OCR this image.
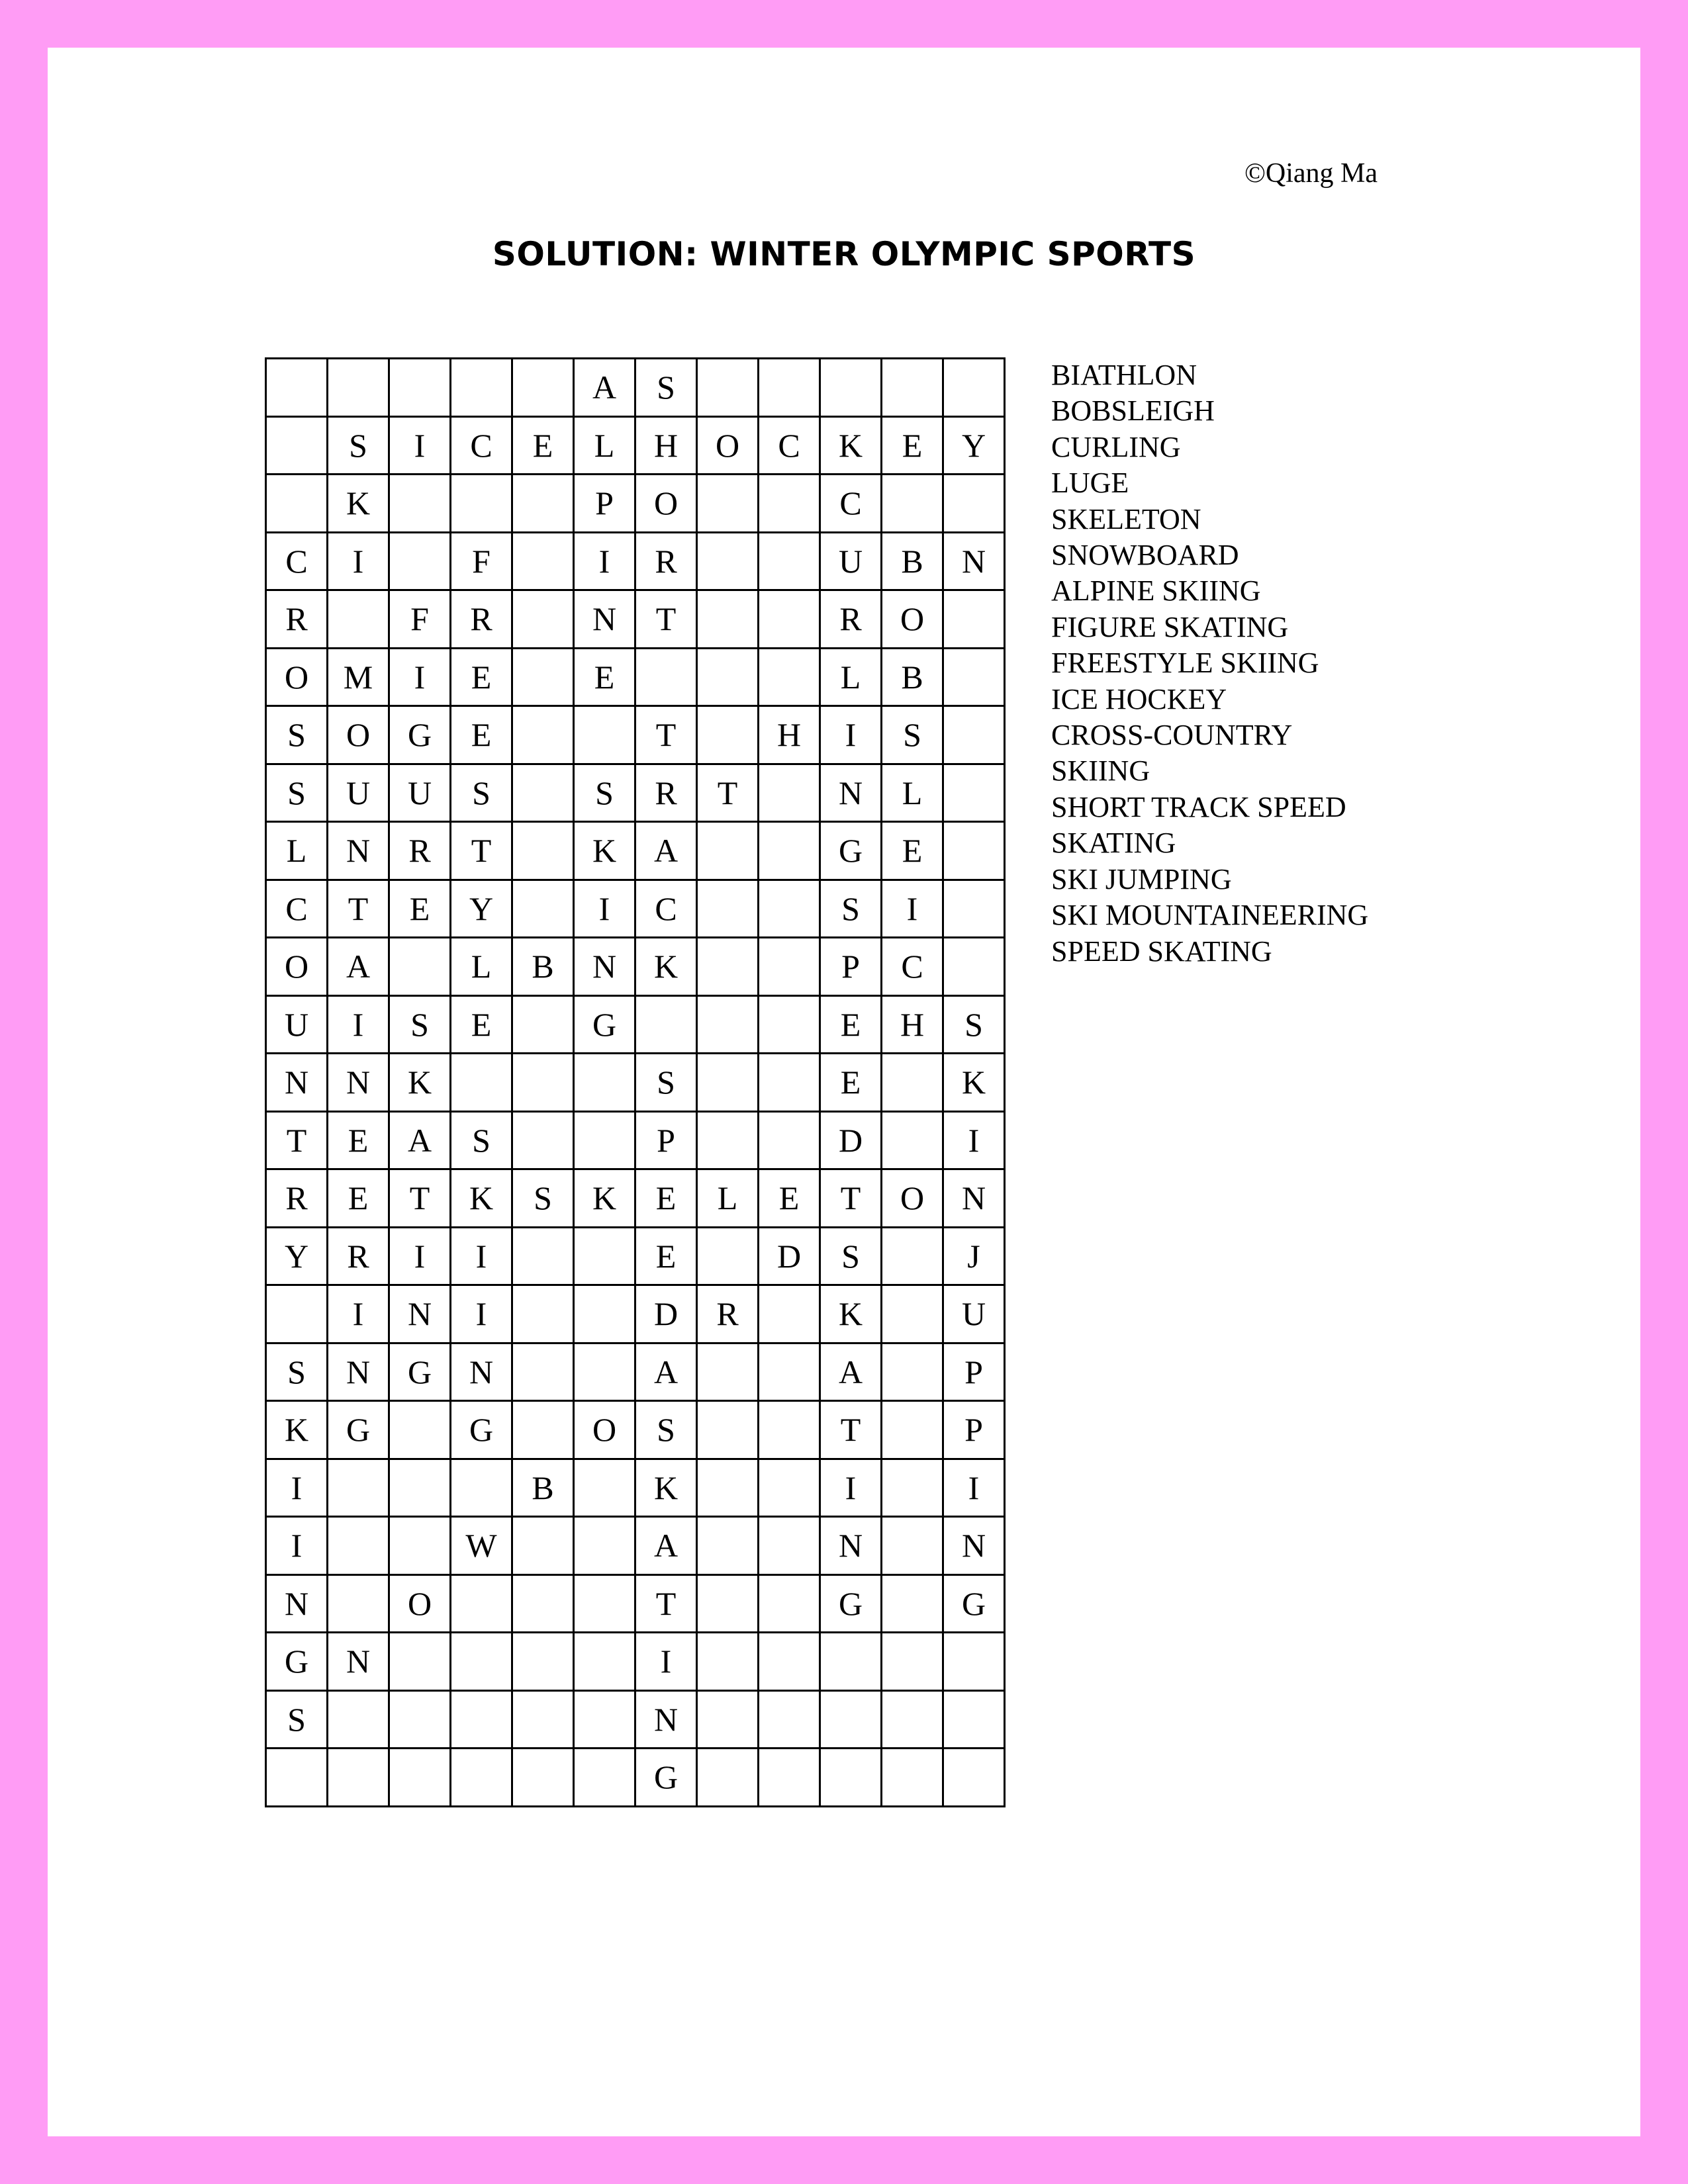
©Qiang Ma
SOLUTION: WINTER OLYMPIC SPORTS
					A	S					
	S	I	C	E	L	H	O	C	K	E	Y
	K				P	O			C		
C	I		F		I	R			U	B	N
R		F	R		N	T			R	O	
O	M	I	E		E				L	B	
S	O	G	E			T		H	I	S	
S	U	U	S		S	R	T		N	L	
L	N	R	T		K	A			G	E	
C	T	E	Y		I	C			S	I	
O	A		L	B	N	K			P	C	
U	I	S	E		G				E	H	S
N	N	K				S			E		K
T	E	A	S			P			D		I
R	E	T	K	S	K	E	L	E	T	O	N
Y	R	I	I			E		D	S		J
	I	N	I			D	R		K		U
S	N	G	N			A			A		P
K	G		G		O	S			T		P
I				B		K			I		I
I			W			A			N		N
N		O				T			G		G
G	N					I					
S						N					
						G					
BIATHLON
BOBSLEIGH
CURLING
LUGE
SKELETON
SNOWBOARD
ALPINE SKIING
FIGURE SKATING
FREESTYLE SKIING
ICE HOCKEY
CROSS-COUNTRY
SKIING
SHORT TRACK SPEED
SKATING
SKI JUMPING
SKI MOUNTAINEERING
SPEED SKATING
